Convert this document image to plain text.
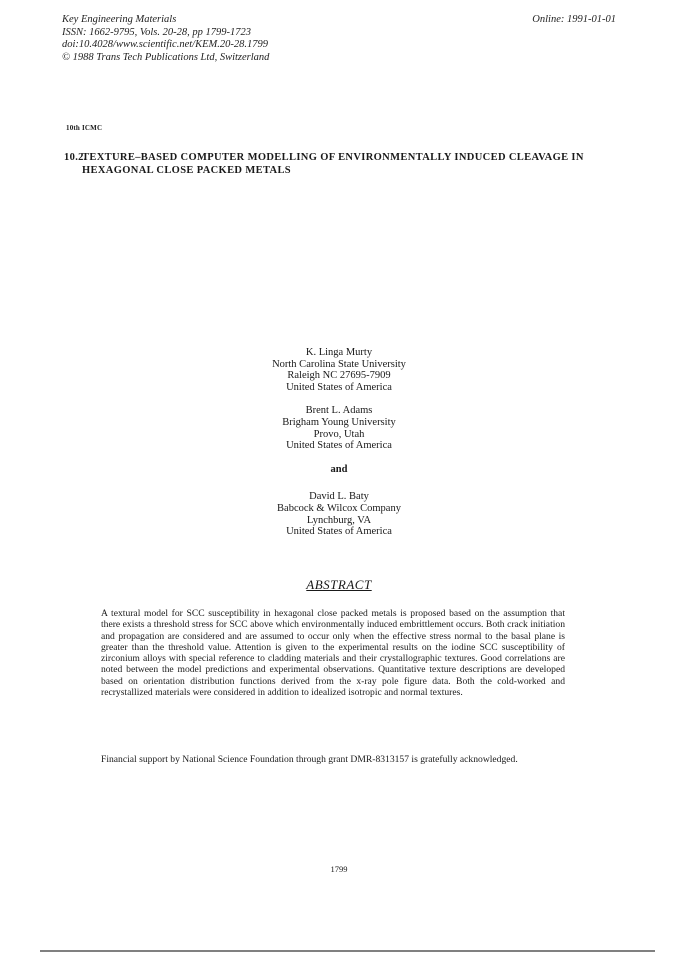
Key Engineering Materials
ISSN: 1662-9795, Vols. 20-28, pp 1799-1723
doi:10.4028/www.scientific.net/KEM.20-28.1799
© 1988 Trans Tech Publications Ltd, Switzerland
Online: 1991-01-01
10th ICMC
10.2.TEXTURE–BASED COMPUTER MODELLING OF ENVIRONMENTALLY INDUCED CLEAVAGE IN
HEXAGONAL CLOSE PACKED METALS
K. Linga Murty
North Carolina State University
Raleigh NC 27695-7909
United States of America
Brent L. Adams
Brigham Young University
Provo, Utah
United States of America
and
David L. Baty
Babcock & Wilcox Company
Lynchburg, VA
United States of America
ABSTRACT
A textural model for SCC susceptibility in hexagonal close packed metals is proposed based on the assumption that there exists a threshold stress for SCC above which environmentally induced embrittlement occurs. Both crack initiation and propagation are considered and are assumed to occur only when the effective stress normal to the basal plane is greater than the threshold value. Attention is given to the experimental results on the iodine SCC susceptibility of zirconium alloys with special reference to cladding materials and their crystallographic textures. Good correlations are noted between the model predictions and experimental observations. Quantitative texture descriptions are developed based on orientation distribution functions derived from the x-ray pole figure data. Both the cold-worked and recrystallized materials were considered in addition to idealized isotropic and normal textures.
Financial support by National Science Foundation through grant DMR-8313157 is gratefully acknowledged.
1799
